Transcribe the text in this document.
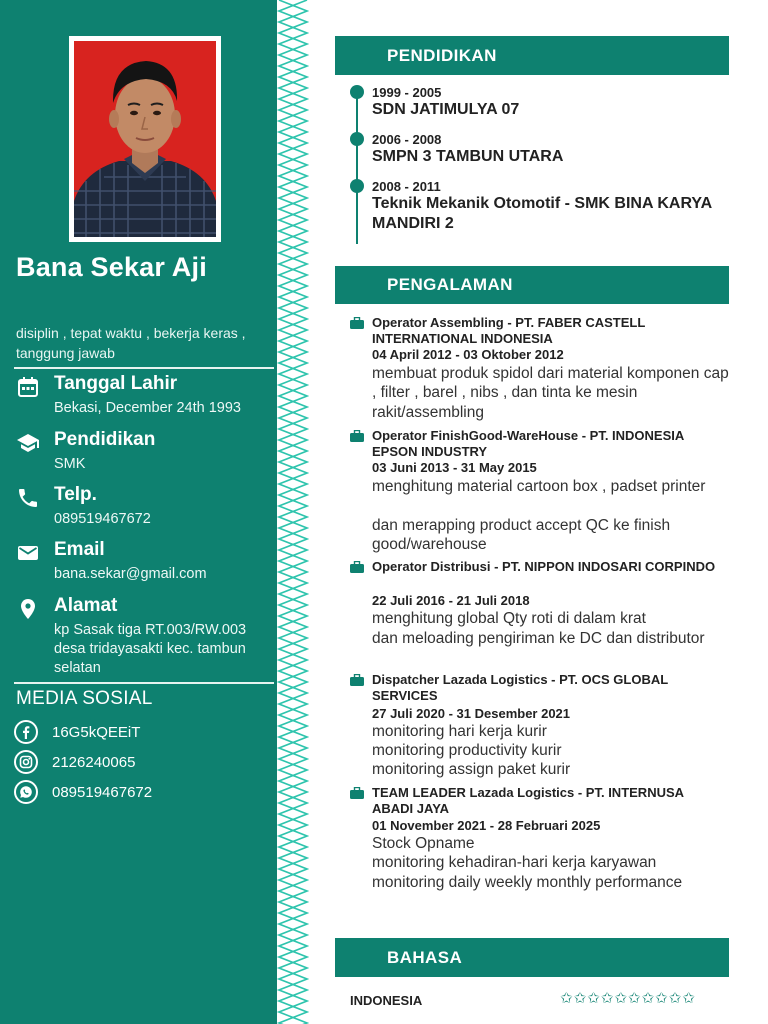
Bana Sekar Aji
disiplin , tepat waktu , bekerja keras , tanggung jawab
Tanggal Lahir
Bekasi, December 24th 1993
Pendidikan
SMK
Telp.
089519467672
Email
bana.sekar@gmail.com
Alamat
kp Sasak tiga RT.003/RW.003 desa tridayasakti kec. tambun selatan
MEDIA SOSIAL
16G5kQEEiT
2126240065
089519467672
PENDIDIKAN
1999 - 2005
SDN JATIMULYA 07
2006 - 2008
SMPN 3 TAMBUN UTARA
2008 - 2011
Teknik Mekanik Otomotif - SMK BINA KARYA MANDIRI 2
PENGALAMAN
Operator Assembling - PT. FABER CASTELL INTERNATIONAL INDONESIA
04 April 2012 - 03 Oktober 2012
membuat produk spidol dari material komponen cap , filter , barel , nibs , dan tinta ke mesin rakit/assembling
Operator FinishGood-WareHouse - PT. INDONESIA EPSON INDUSTRY
03 Juni 2013 - 31 May 2015
menghitung material cartoon box , padset printer
dan merapping product accept QC ke finish good/warehouse
Operator Distribusi - PT. NIPPON INDOSARI CORPINDO
22 Juli 2016 - 21 Juli 2018
menghitung global Qty roti di dalam krat
dan meloading pengiriman ke DC dan distributor
Dispatcher Lazada Logistics - PT. OCS GLOBAL SERVICES
27 Juli 2020 - 31 Desember 2021
monitoring hari kerja kurir
monitoring productivity kurir
monitoring assign paket kurir
TEAM LEADER Lazada Logistics - PT. INTERNUSA ABADI JAYA
01 November 2021 - 28 Februari 2025
Stock Opname
monitoring kehadiran-hari kerja karyawan
monitoring daily weekly monthly performance
BAHASA
INDONESIA	✩ ✩ ✩ ✩ ✩ ✩ ✩ ✩ ✩ ✩
